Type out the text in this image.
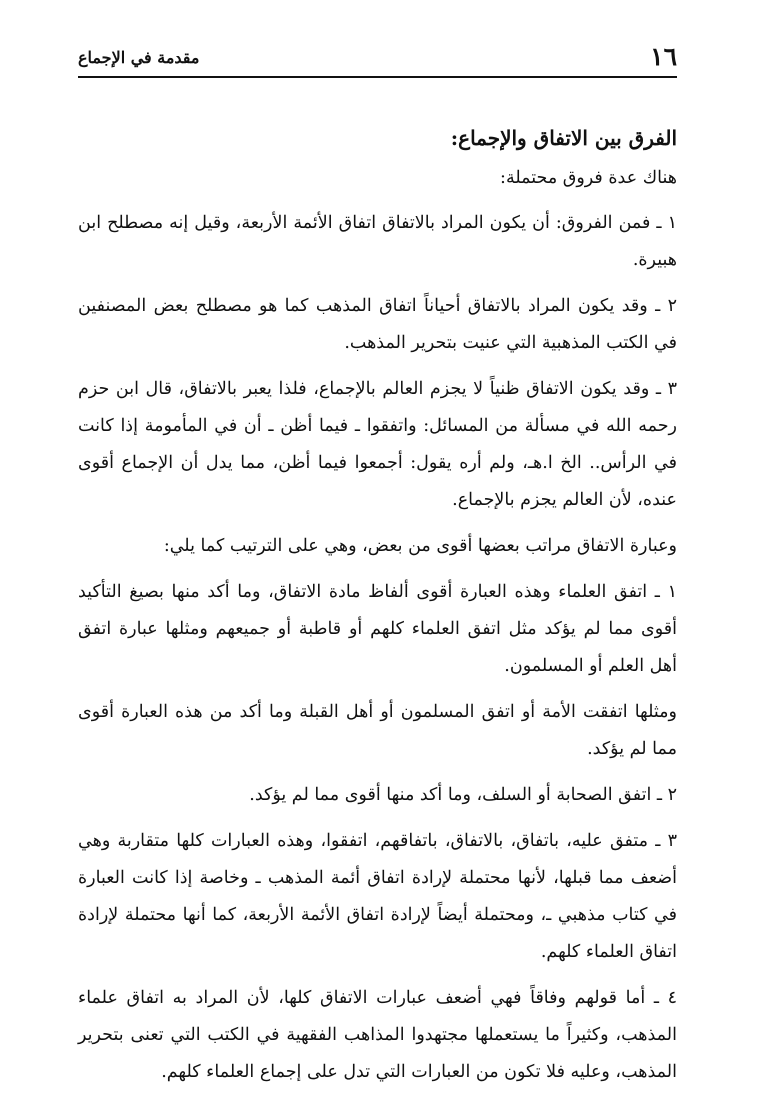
١٦
مقدمة في الإجماع
الفرق بين الاتفاق والإجماع:

هناك عدة فروق محتملة:

١ ـ فمن الفروق: أن يكون المراد بالاتفاق اتفاق الأئمة الأربعة، وقيل إنه مصطلح ابن هبيرة.

٢ ـ وقد يكون المراد بالاتفاق أحياناً اتفاق المذهب كما هو مصطلح بعض المصنفين في الكتب المذهبية التي عنيت بتحرير المذهب.

٣ ـ وقد يكون الاتفاق ظنياً لا يجزم العالم بالإجماع، فلذا يعبر بالاتفاق، قال ابن حزم رحمه الله في مسألة من المسائل: واتفقوا ـ فيما أظن ـ أن في المأمومة إذا كانت في الرأس.. الخ ا.هـ، ولم أره يقول: أجمعوا فيما أظن، مما يدل أن الإجماع أقوى عنده، لأن العالم يجزم بالإجماع.

وعبارة الاتفاق مراتب بعضها أقوى من بعض، وهي على الترتيب كما يلي:

١ ـ اتفق العلماء وهذه العبارة أقوى ألفاظ مادة الاتفاق، وما أكد منها بصيغ التأكيد أقوى مما لم يؤكد مثل اتفق العلماء كلهم أو قاطبة أو جميعهم ومثلها عبارة اتفق أهل العلم أو المسلمون.

ومثلها اتفقت الأمة أو اتفق المسلمون أو أهل القبلة وما أكد من هذه العبارة أقوى مما لم يؤكد.

٢ ـ اتفق الصحابة أو السلف، وما أكد منها أقوى مما لم يؤكد.

٣ ـ متفق عليه، باتفاق، بالاتفاق، باتفاقهم، اتفقوا، وهذه العبارات كلها متقاربة وهي أضعف مما قبلها، لأنها محتملة لإرادة اتفاق أئمة المذهب ـ وخاصة إذا كانت العبارة في كتاب مذهبي ـ، ومحتملة أيضاً لإرادة اتفاق الأئمة الأربعة، كما أنها محتملة لإرادة اتفاق العلماء كلهم.

٤ ـ أما قولهم وفاقاً فهي أضعف عبارات الاتفاق كلها، لأن المراد به اتفاق علماء المذهب، وكثيراً ما يستعملها مجتهدوا المذاهب الفقهية في الكتب التي تعنى بتحرير المذهب، وعليه فلا تكون من العبارات التي تدل على إجماع العلماء كلهم.
